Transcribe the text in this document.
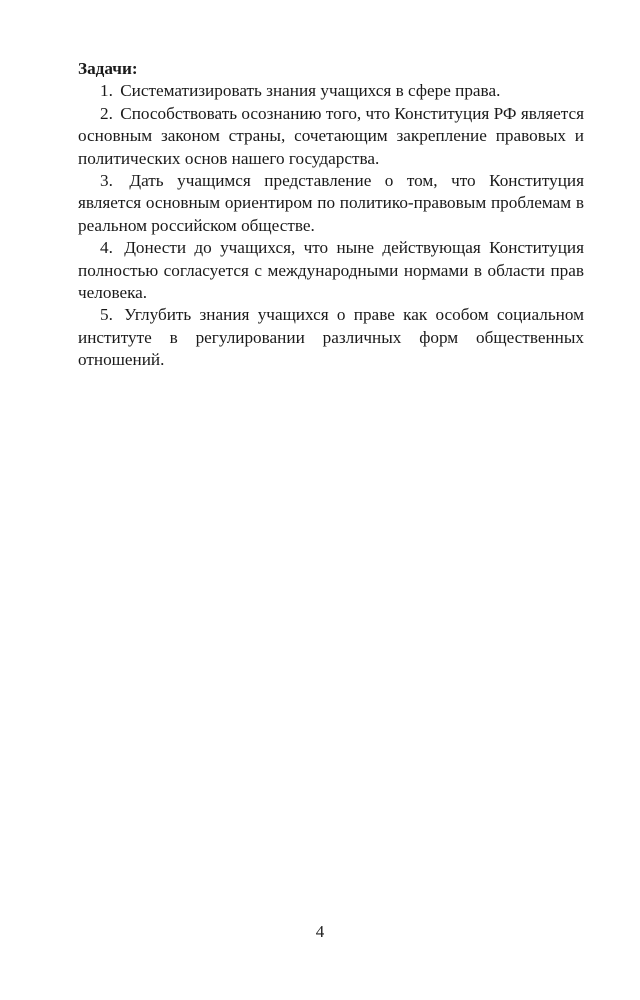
Задачи:

1. Систематизировать знания учащихся в сфере права.

2. Способствовать осознанию того, что Конституция РФ является основным законом страны, сочетающим закрепление правовых и политических основ нашего государства.

3. Дать учащимся представление о том, что Конституция является основным ориентиром по политико-правовым проблемам в реальном российском обществе.

4. Донести до учащихся, что ныне действующая Конституция полностью согласуется с международными нормами в области прав человека.

5. Углубить знания учащихся о праве как особом социальном институте в регулировании различных форм общественных отношений.

4
